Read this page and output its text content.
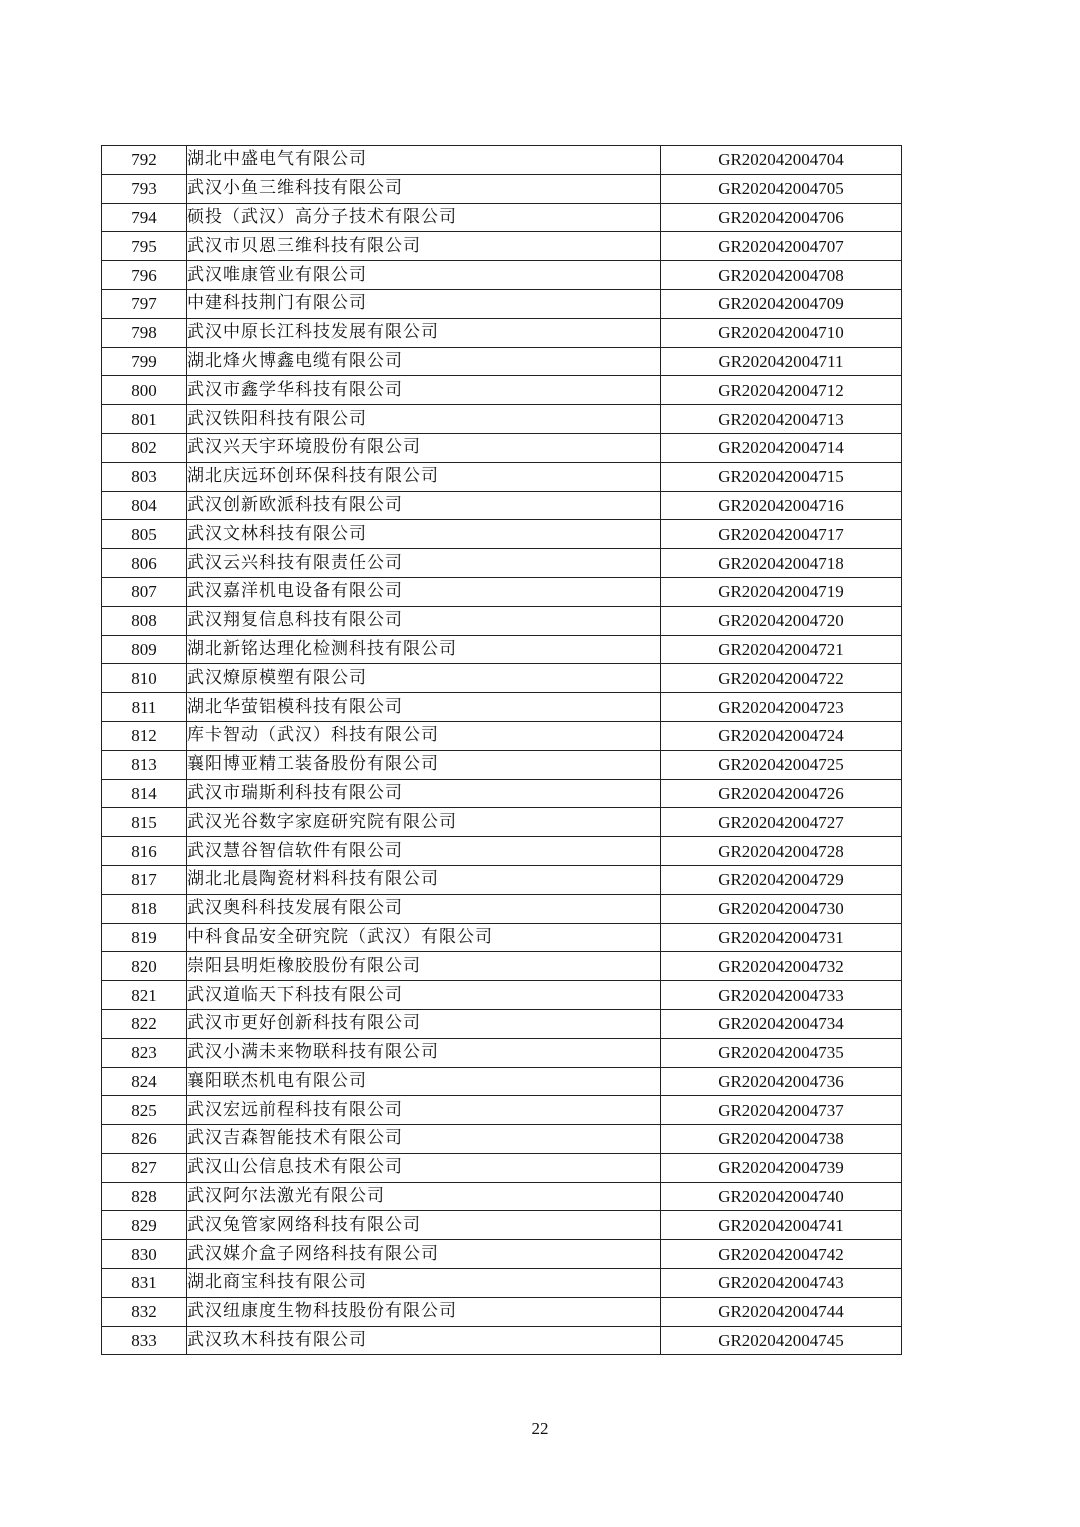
792	湖北中盛电气有限公司	GR202042004704
793	武汉小鱼三维科技有限公司	GR202042004705
794	硕投（武汉）高分子技术有限公司	GR202042004706
795	武汉市贝恩三维科技有限公司	GR202042004707
796	武汉唯康管业有限公司	GR202042004708
797	中建科技荆门有限公司	GR202042004709
798	武汉中原长江科技发展有限公司	GR202042004710
799	湖北烽火博鑫电缆有限公司	GR202042004711
800	武汉市鑫学华科技有限公司	GR202042004712
801	武汉铁阳科技有限公司	GR202042004713
802	武汉兴天宇环境股份有限公司	GR202042004714
803	湖北庆远环创环保科技有限公司	GR202042004715
804	武汉创新欧派科技有限公司	GR202042004716
805	武汉文林科技有限公司	GR202042004717
806	武汉云兴科技有限责任公司	GR202042004718
807	武汉嘉洋机电设备有限公司	GR202042004719
808	武汉翔复信息科技有限公司	GR202042004720
809	湖北新铭达理化检测科技有限公司	GR202042004721
810	武汉燎原模塑有限公司	GR202042004722
811	湖北华萤铝模科技有限公司	GR202042004723
812	库卡智动（武汉）科技有限公司	GR202042004724
813	襄阳博亚精工装备股份有限公司	GR202042004725
814	武汉市瑞斯利科技有限公司	GR202042004726
815	武汉光谷数字家庭研究院有限公司	GR202042004727
816	武汉慧谷智信软件有限公司	GR202042004728
817	湖北北晨陶瓷材料科技有限公司	GR202042004729
818	武汉奥科科技发展有限公司	GR202042004730
819	中科食品安全研究院（武汉）有限公司	GR202042004731
820	崇阳县明炬橡胶股份有限公司	GR202042004732
821	武汉道临天下科技有限公司	GR202042004733
822	武汉市更好创新科技有限公司	GR202042004734
823	武汉小满未来物联科技有限公司	GR202042004735
824	襄阳联杰机电有限公司	GR202042004736
825	武汉宏远前程科技有限公司	GR202042004737
826	武汉吉森智能技术有限公司	GR202042004738
827	武汉山公信息技术有限公司	GR202042004739
828	武汉阿尔法激光有限公司	GR202042004740
829	武汉兔管家网络科技有限公司	GR202042004741
830	武汉媒介盒子网络科技有限公司	GR202042004742
831	湖北商宝科技有限公司	GR202042004743
832	武汉纽康度生物科技股份有限公司	GR202042004744
833	武汉玖木科技有限公司	GR202042004745
22
